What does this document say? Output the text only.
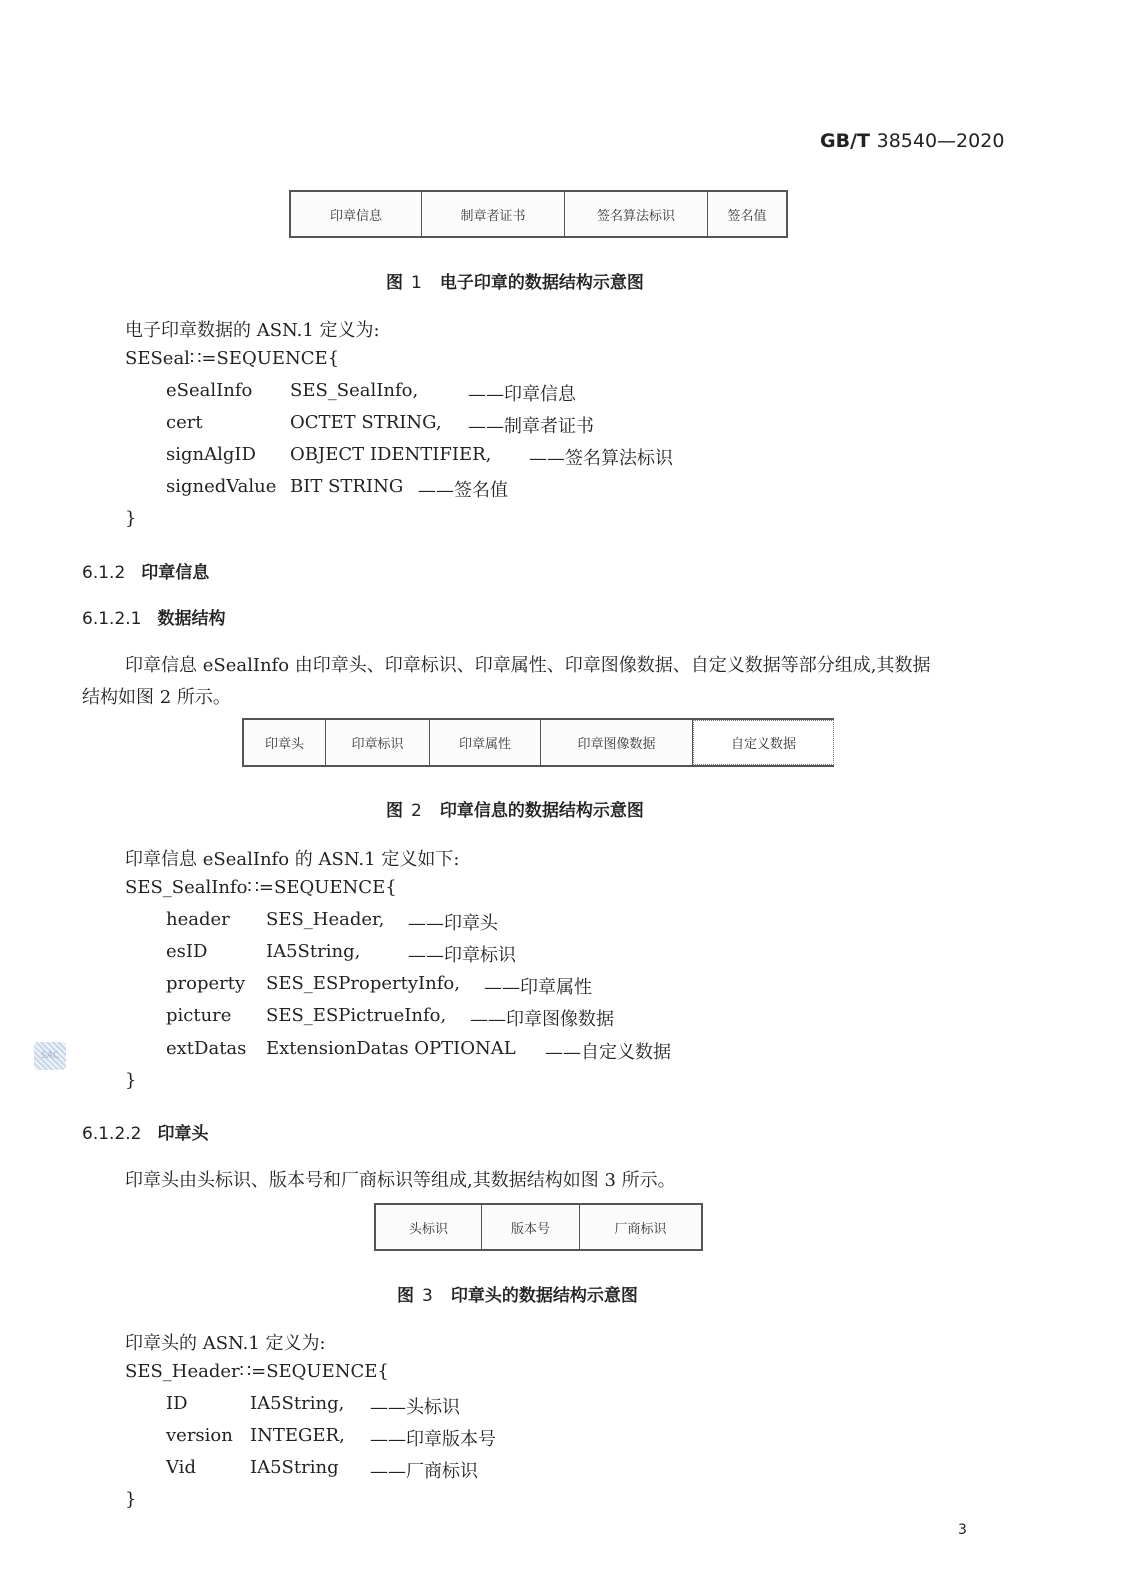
GB/T 38540—2020
印章信息	制章者证书	签名算法标识	签名值
图 1 电子印章的数据结构示意图
电子印章数据的 ASN.1 定义为:
SESeal∷=SEQUENCE{
eSealInfo SES_SealInfo,	——印章信息
cert	OCTET STRING, ——制章者证书
signAlgID OBJECT IDENTIFIER, ——签名算法标识
signedValue BIT STRING ——签名值
}
6.1.2 印章信息
6.1.2.1 数据结构
印章信息 eSealInfo 由印章头、印章标识、印章属性、印章图像数据、自定义数据等部分组成,其数据
结构如图 2 所示。
印章头	印章标识	印章属性	印章图像数据	自定义数据
图 2 印章信息的数据结构示意图
印章信息 eSealInfo 的 ASN.1 定义如下:
SES_SealInfo∷=SEQUENCE{
header SES_Header, ——印章头
esID	IA5String,	——印章标识
property SES_ESPropertyInfo, ——印章属性
picture SES_ESPictrueInfo, ——印章图像数据
extDatas ExtensionDatas OPTIONAL ——自定义数据
}
6.1.2.2 印章头
印章头由头标识、版本号和厂商标识等组成,其数据结构如图 3 所示。
头标识	版本号	厂商标识
图 3 印章头的数据结构示意图
印章头的 ASN.1 定义为:
SES_Header∷=SEQUENCE{
ID	IA5String, ——头标识
version INTEGER, ——印章版本号
Vid	IA5String ——厂商标识
}
SAC
3
